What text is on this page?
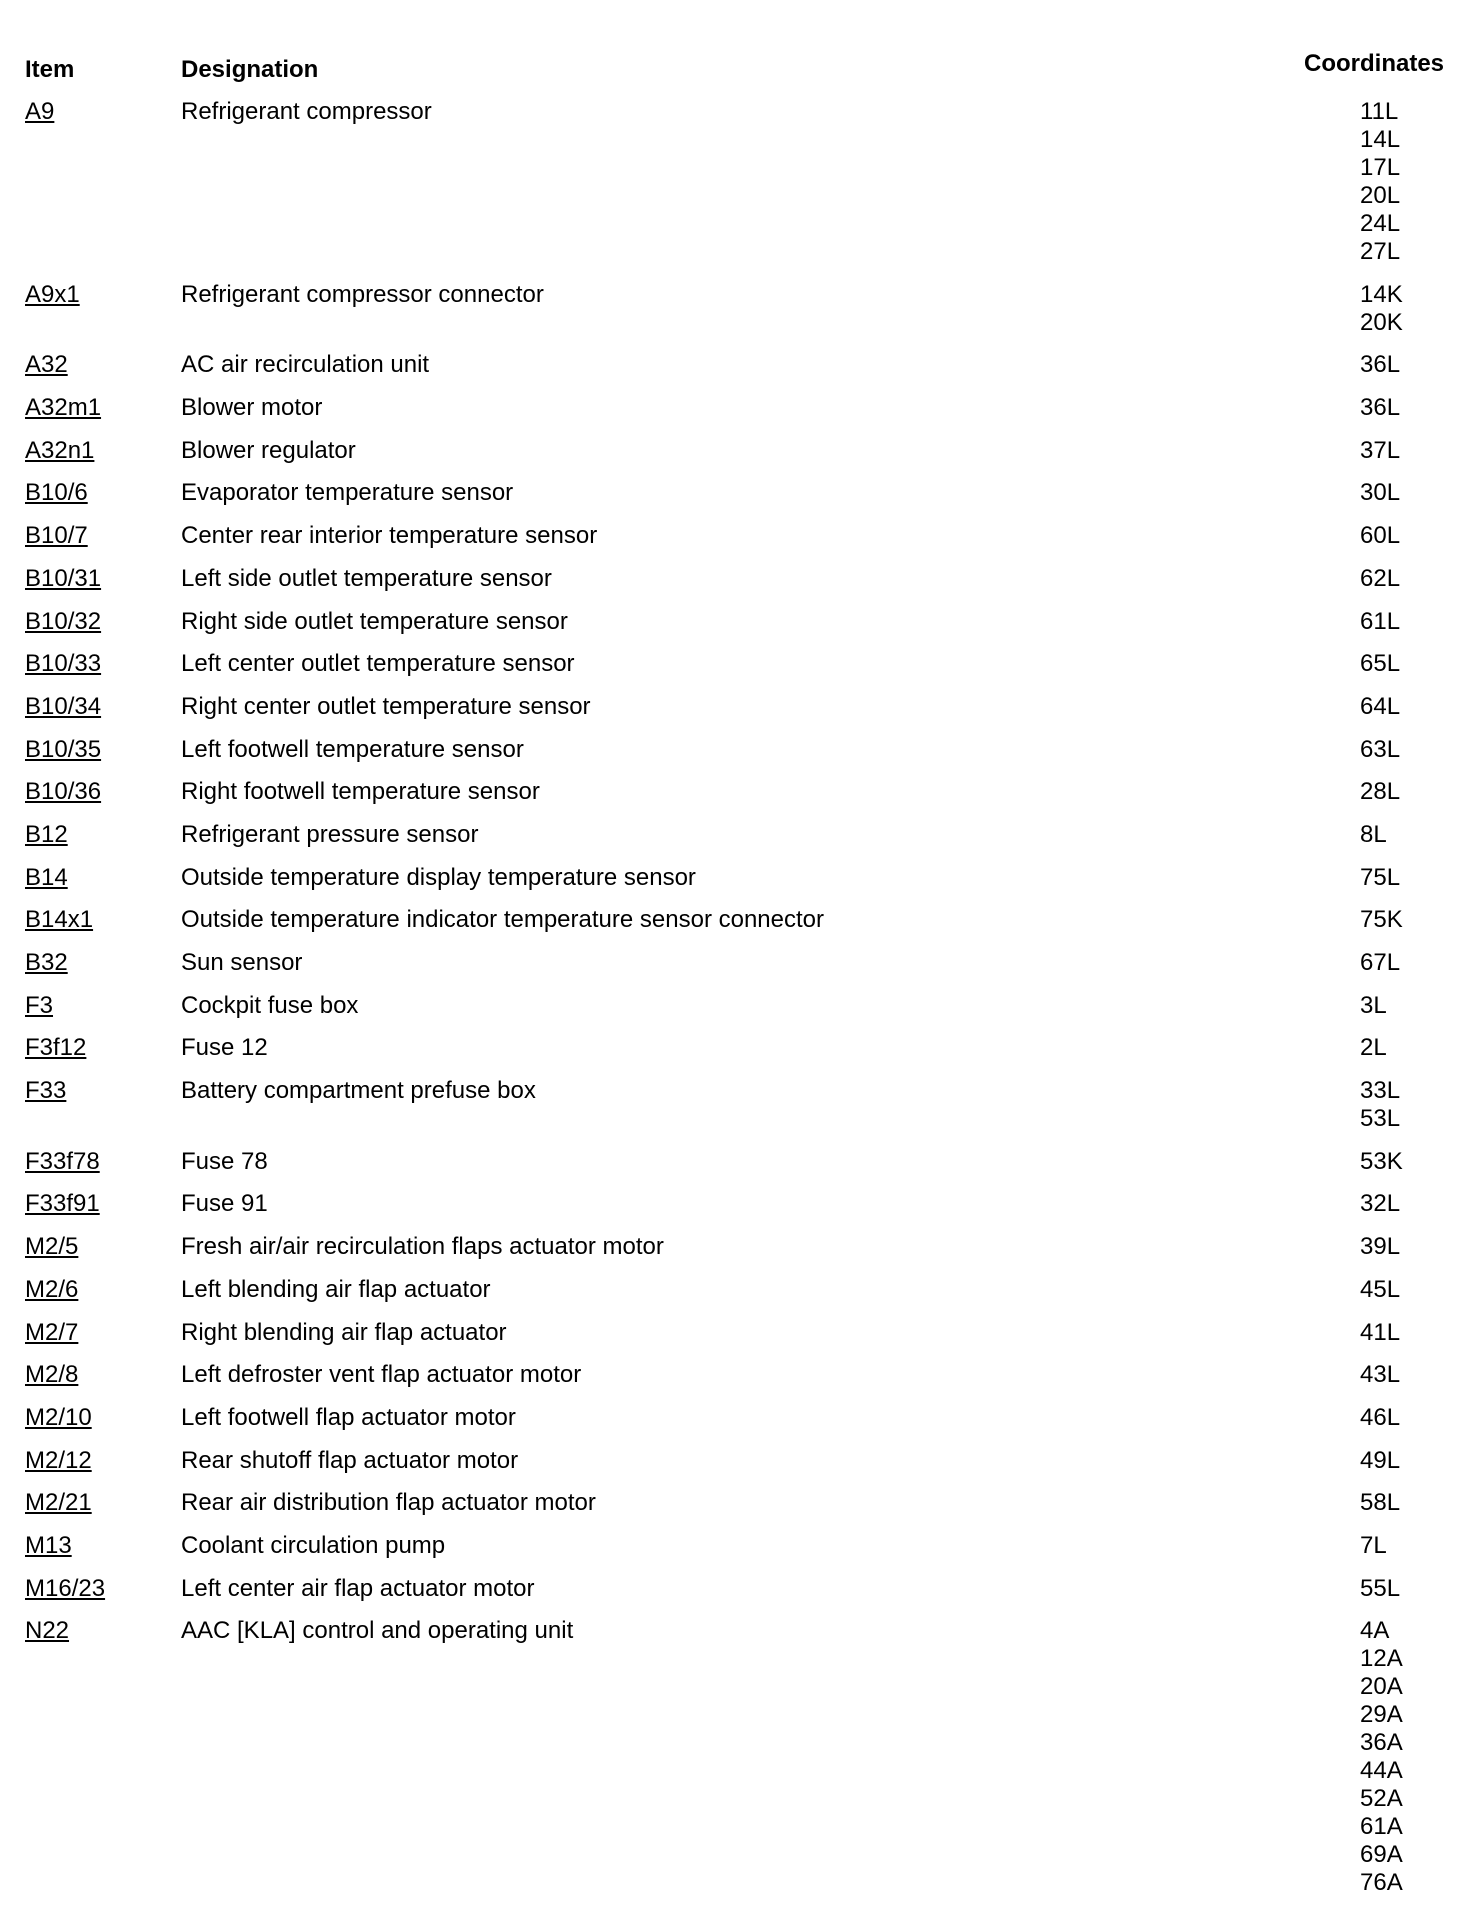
Item	Designation	Coordinates
A9	Refrigerant compressor	11L
14L
17L
20L
24L
27L
A9x1	Refrigerant compressor connector	14K
20K
A32	AC air recirculation unit	36L
A32m1	Blower motor	36L
A32n1	Blower regulator	37L
B10/6	Evaporator temperature sensor	30L
B10/7	Center rear interior temperature sensor	60L
B10/31	Left side outlet temperature sensor	62L
B10/32	Right side outlet temperature sensor	61L
B10/33	Left center outlet temperature sensor	65L
B10/34	Right center outlet temperature sensor	64L
B10/35	Left footwell temperature sensor	63L
B10/36	Right footwell temperature sensor	28L
B12	Refrigerant pressure sensor	8L
B14	Outside temperature display temperature sensor	75L
B14x1	Outside temperature indicator temperature sensor connector	75K
B32	Sun sensor	67L
F3	Cockpit fuse box	3L
F3f12	Fuse 12	2L
F33	Battery compartment prefuse box	33L
53L
F33f78	Fuse 78	53K
F33f91	Fuse 91	32L
M2/5	Fresh air/air recirculation flaps actuator motor	39L
M2/6	Left blending air flap actuator	45L
M2/7	Right blending air flap actuator	41L
M2/8	Left defroster vent flap actuator motor	43L
M2/10	Left footwell flap actuator motor	46L
M2/12	Rear shutoff flap actuator motor	49L
M2/21	Rear air distribution flap actuator motor	58L
M13	Coolant circulation pump	7L
M16/23	Left center air flap actuator motor	55L
N22	AAC [KLA] control and operating unit	4A
12A
20A
29A
36A
44A
52A
61A
69A
76A
